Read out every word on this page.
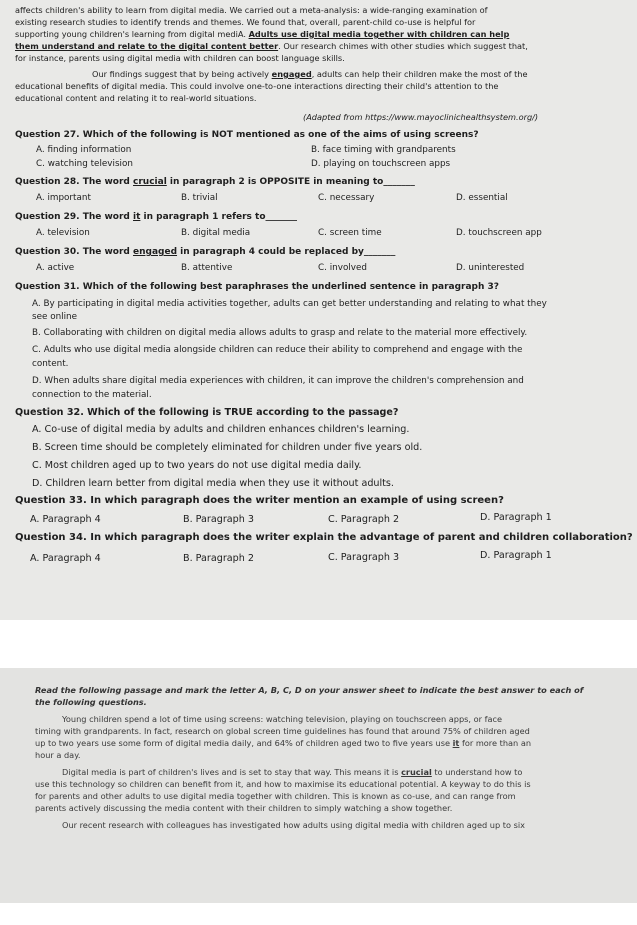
affects children's ability to learn from digital media. We carried out a meta-analysis: a wide-ranging examination of
existing research studies to identify trends and themes. We found that, overall, parent-child co-use is helpful for
supporting young children's learning from digital mediA. Adults use digital media together with children can help
them understand and relate to the digital content better. Our research chimes with other studies which suggest that,
for instance, parents using digital media with children can boost language skills.
Our findings suggest that by being actively engaged, adults can help their children make the most of the
educational benefits of digital media. This could involve one-to-one interactions directing their child's attention to the
educational content and relating it to real-world situations.
(Adapted from https://www.mayoclinichealthsystem.org/)
Question 27. Which of the following is NOT mentioned as one of the aims of using screens?
A. finding information	B. face timing with grandparents
C. watching television	D. playing on touchscreen apps
Question 28. The word crucial in paragraph 2 is OPPOSITE in meaning to_______
A. important	B. trivial	C. necessary	D. essential
Question 29. The word it in paragraph 1 refers to_______
A. television	B. digital media	C. screen time	D. touchscreen app
Question 30. The word engaged in paragraph 4 could be replaced by_______
A. active	B. attentive	C. involved	D. uninterested
Question 31. Which of the following best paraphrases the underlined sentence in paragraph 3?
A. By participating in digital media activities together, adults can get better understanding and relating to what they
see online
B. Collaborating with children on digital media allows adults to grasp and relate to the material more effectively.
C. Adults who use digital media alongside children can reduce their ability to comprehend and engage with the
content.
D. When adults share digital media experiences with children, it can improve the children's comprehension and
connection to the material.
Question 32. Which of the following is TRUE according to the passage?
A. Co-use of digital media by adults and children enhances children's learning.
B. Screen time should be completely eliminated for children under five years old.
C. Most children aged up to two years do not use digital media daily.
D. Children learn better from digital media when they use it without adults.
Question 33. In which paragraph does the writer mention an example of using screen?
A. Paragraph 4	B. Paragraph 3	C. Paragraph 2	D. Paragraph 1
Question 34. In which paragraph does the writer explain the advantage of parent and children collaboration?
A. Paragraph 4	B. Paragraph 2	C. Paragraph 3	D. Paragraph 1
Read the following passage and mark the letter A, B, C, D on your answer sheet to indicate the best answer to each of
the following questions.
Young children spend a lot of time using screens: watching television, playing on touchscreen apps, or face
timing with grandparents. In fact, research on global screen time guidelines has found that around 75% of children aged
up to two years use some form of digital media daily, and 64% of children aged two to five years use it for more than an
hour a day.
Digital media is part of children's lives and is set to stay that way. This means it is crucial to understand how to
use this technology so children can benefit from it, and how to maximise its educational potential. A keyway to do this is
for parents and other adults to use digital media together with children. This is known as co-use, and can range from
parents actively discussing the media content with their children to simply watching a show together.
Our recent research with colleagues has investigated how adults using digital media with children aged up to six
